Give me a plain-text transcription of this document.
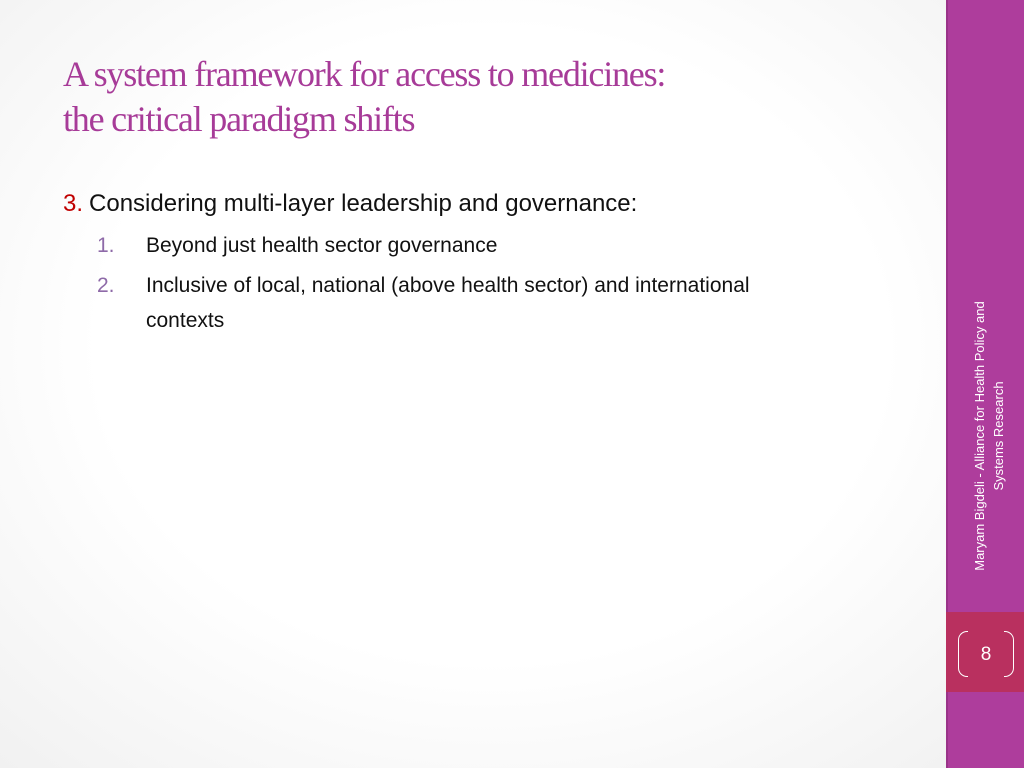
A system framework for access to medicines:
the critical paradigm shifts
3. Considering multi-layer leadership and governance:
1.	Beyond just health sector governance
2.	Inclusive of local, national (above health sector) and international contexts	Maryam Bigdeli - Alliance for Health Policy and Systems Research
8
